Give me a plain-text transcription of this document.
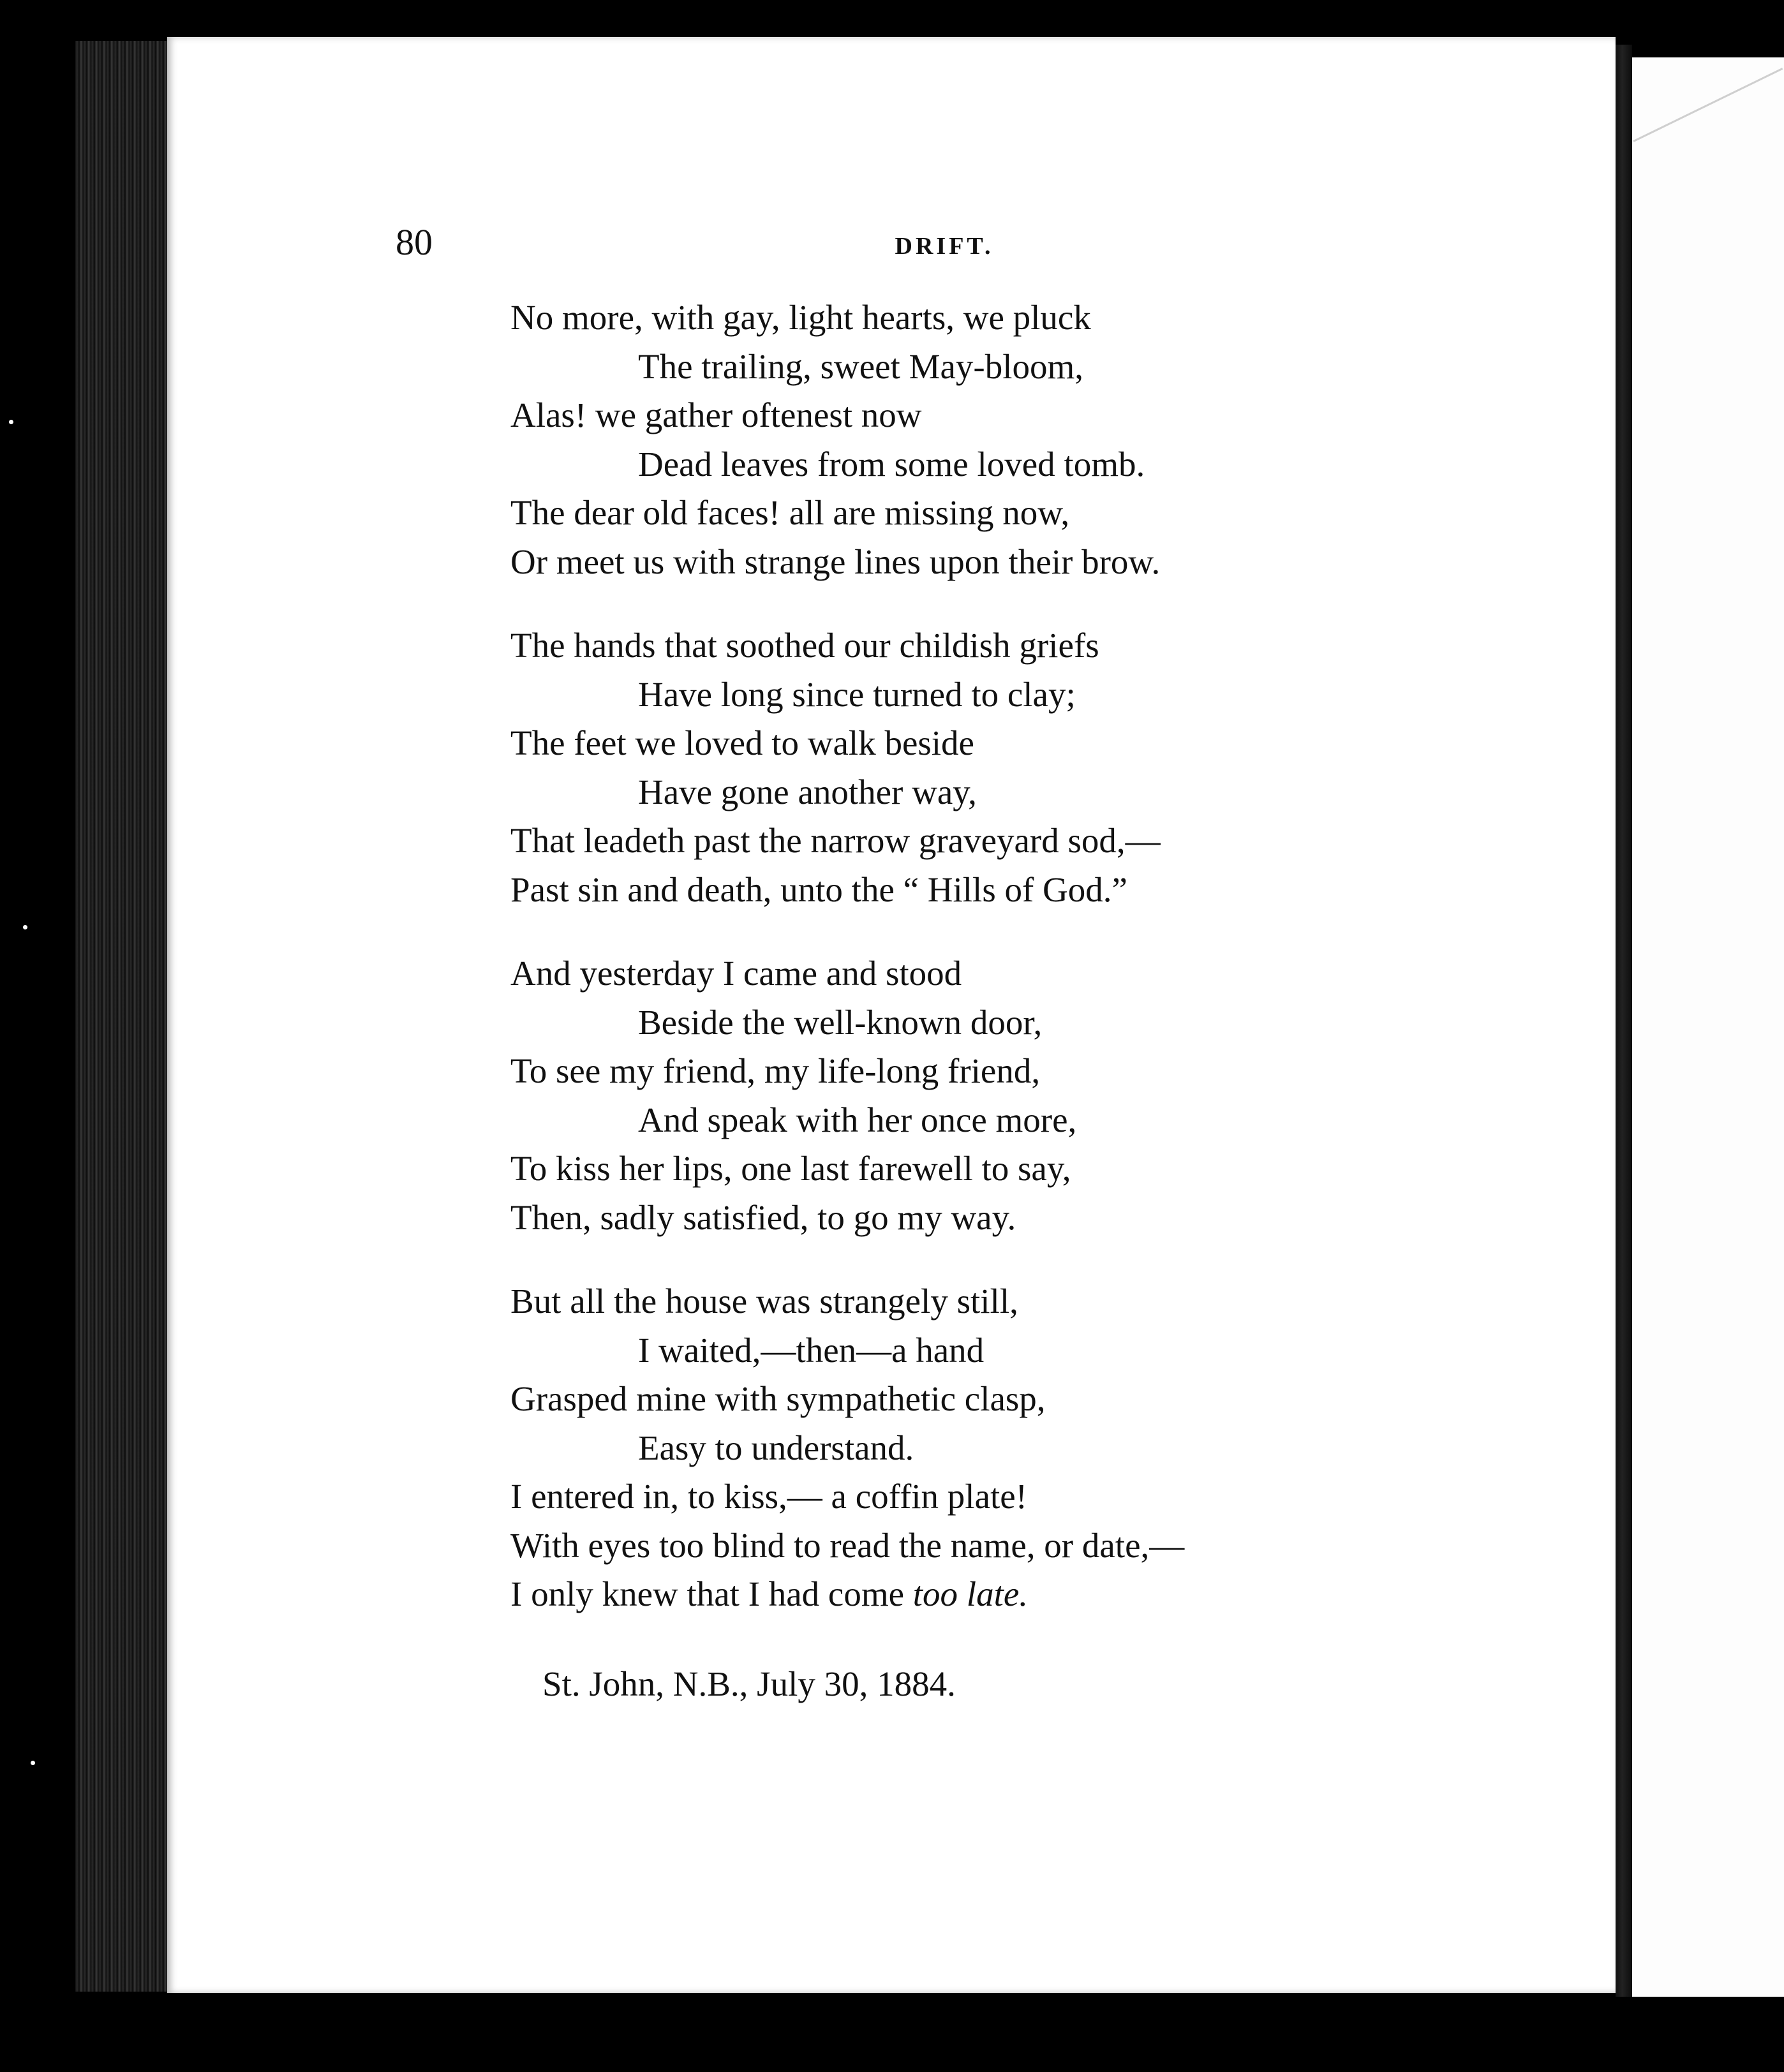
80	DRIFT.
No more, with gay, light hearts, we pluck
The trailing, sweet May-bloom,
Alas! we gather oftenest now
Dead leaves from some loved tomb.
The dear old faces! all are missing now,
Or meet us with strange lines upon their brow.
The hands that soothed our childish griefs
Have long since turned to clay;
The feet we loved to walk beside
Have gone another way,
That leadeth past the narrow graveyard sod,—
Past sin and death, unto the “ Hills of God.”
And yesterday I came and stood
Beside the well-known door,
To see my friend, my life-long friend,
And speak with her once more,
To kiss her lips, one last farewell to say,
Then, sadly satisfied, to go my way.
But all the house was strangely still,
I waited,—then—a hand
Grasped mine with sympathetic clasp,
Easy to understand.
I entered in, to kiss,— a coffin plate!
With eyes too blind to read the name, or date,—
I only knew that I had come too late.
St. John, N.B., July 30, 1884.
